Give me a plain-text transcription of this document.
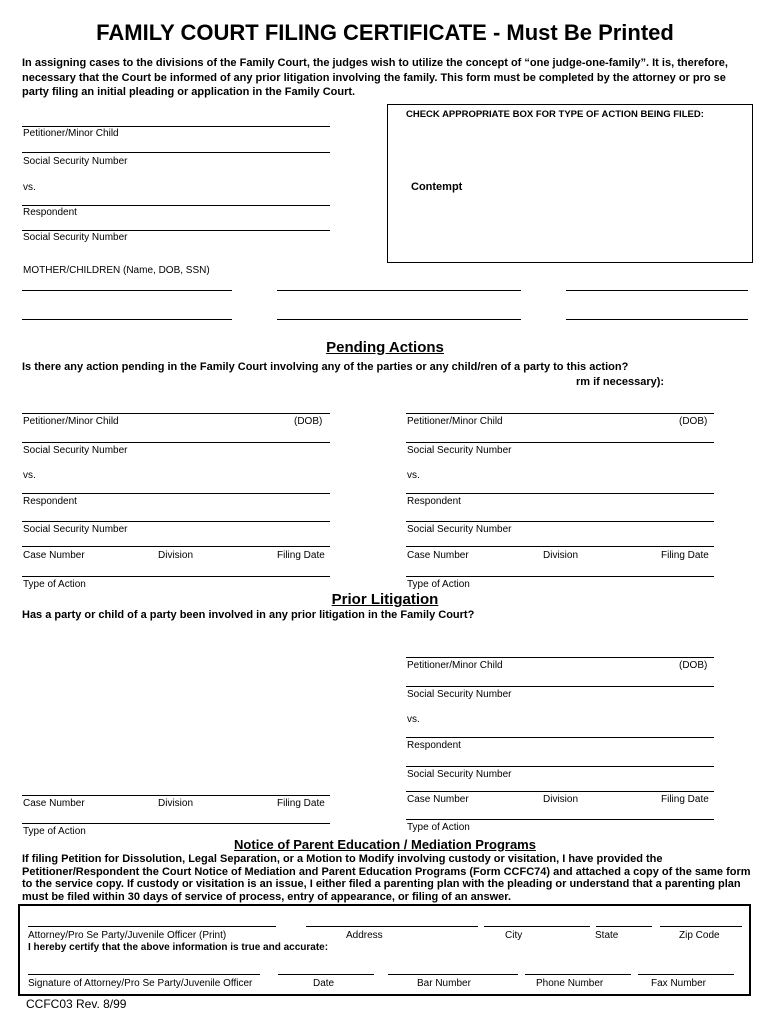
FAMILY COURT FILING CERTIFICATE - Must Be Printed
In assigning cases to the divisions of the Family Court, the judges wish to utilize the concept of “one judge-one-family”. It is, therefore, necessary that the Court be informed of any prior litigation involving the family. This form must be completed by the attorney or pro se party filing an initial pleading or application in the Family Court.
CHECK APPROPRIATE BOX FOR TYPE OF ACTION BEING FILED:
Contempt
Petitioner/Minor Child
Social Security Number
vs.
Respondent
Social Security Number
MOTHER/CHILDREN (Name, DOB, SSN)
Pending Actions
Is there any action pending in the Family Court involving any of the parties or any child/ren of a party to this action?
rm if necessary):
Petitioner/Minor Child	(DOB)
Social Security Number
vs.
Respondent
Social Security Number
Case Number	Division	Filing Date
Type of Action
Petitioner/Minor Child	(DOB)
Social Security Number
vs.
Respondent
Social Security Number
Case Number	Division	Filing Date
Type of Action
Prior Litigation
Has a party or child of a party been involved in any prior litigation in the Family Court?
Petitioner/Minor Child	(DOB)
Social Security Number
vs.
Respondent
Social Security Number
Case Number	Division	Filing Date
Type of Action
Case Number	Division	Filing Date
Type of Action
Notice of Parent Education / Mediation Programs
If filing Petition for Dissolution, Legal Separation, or a Motion to Modify involving custody or visitation, I have provided the Petitioner/Respondent the Court Notice of Mediation and Parent Education Programs (Form CCFC74) and attached a copy of the same form to the service copy. If custody or visitation is an issue, I either filed a parenting plan with the pleading or understand that a parenting plan must be filed within 30 days of service of process, entry of appearance, or filing of an answer.
Attorney/Pro Se Party/Juvenile Officer (Print)	Address	City	State	Zip Code
I hereby certify that the above information is true and accurate:
Signature of Attorney/Pro Se Party/Juvenile Officer	Date	Bar Number	Phone Number	Fax Number
CCFC03 Rev. 8/99
